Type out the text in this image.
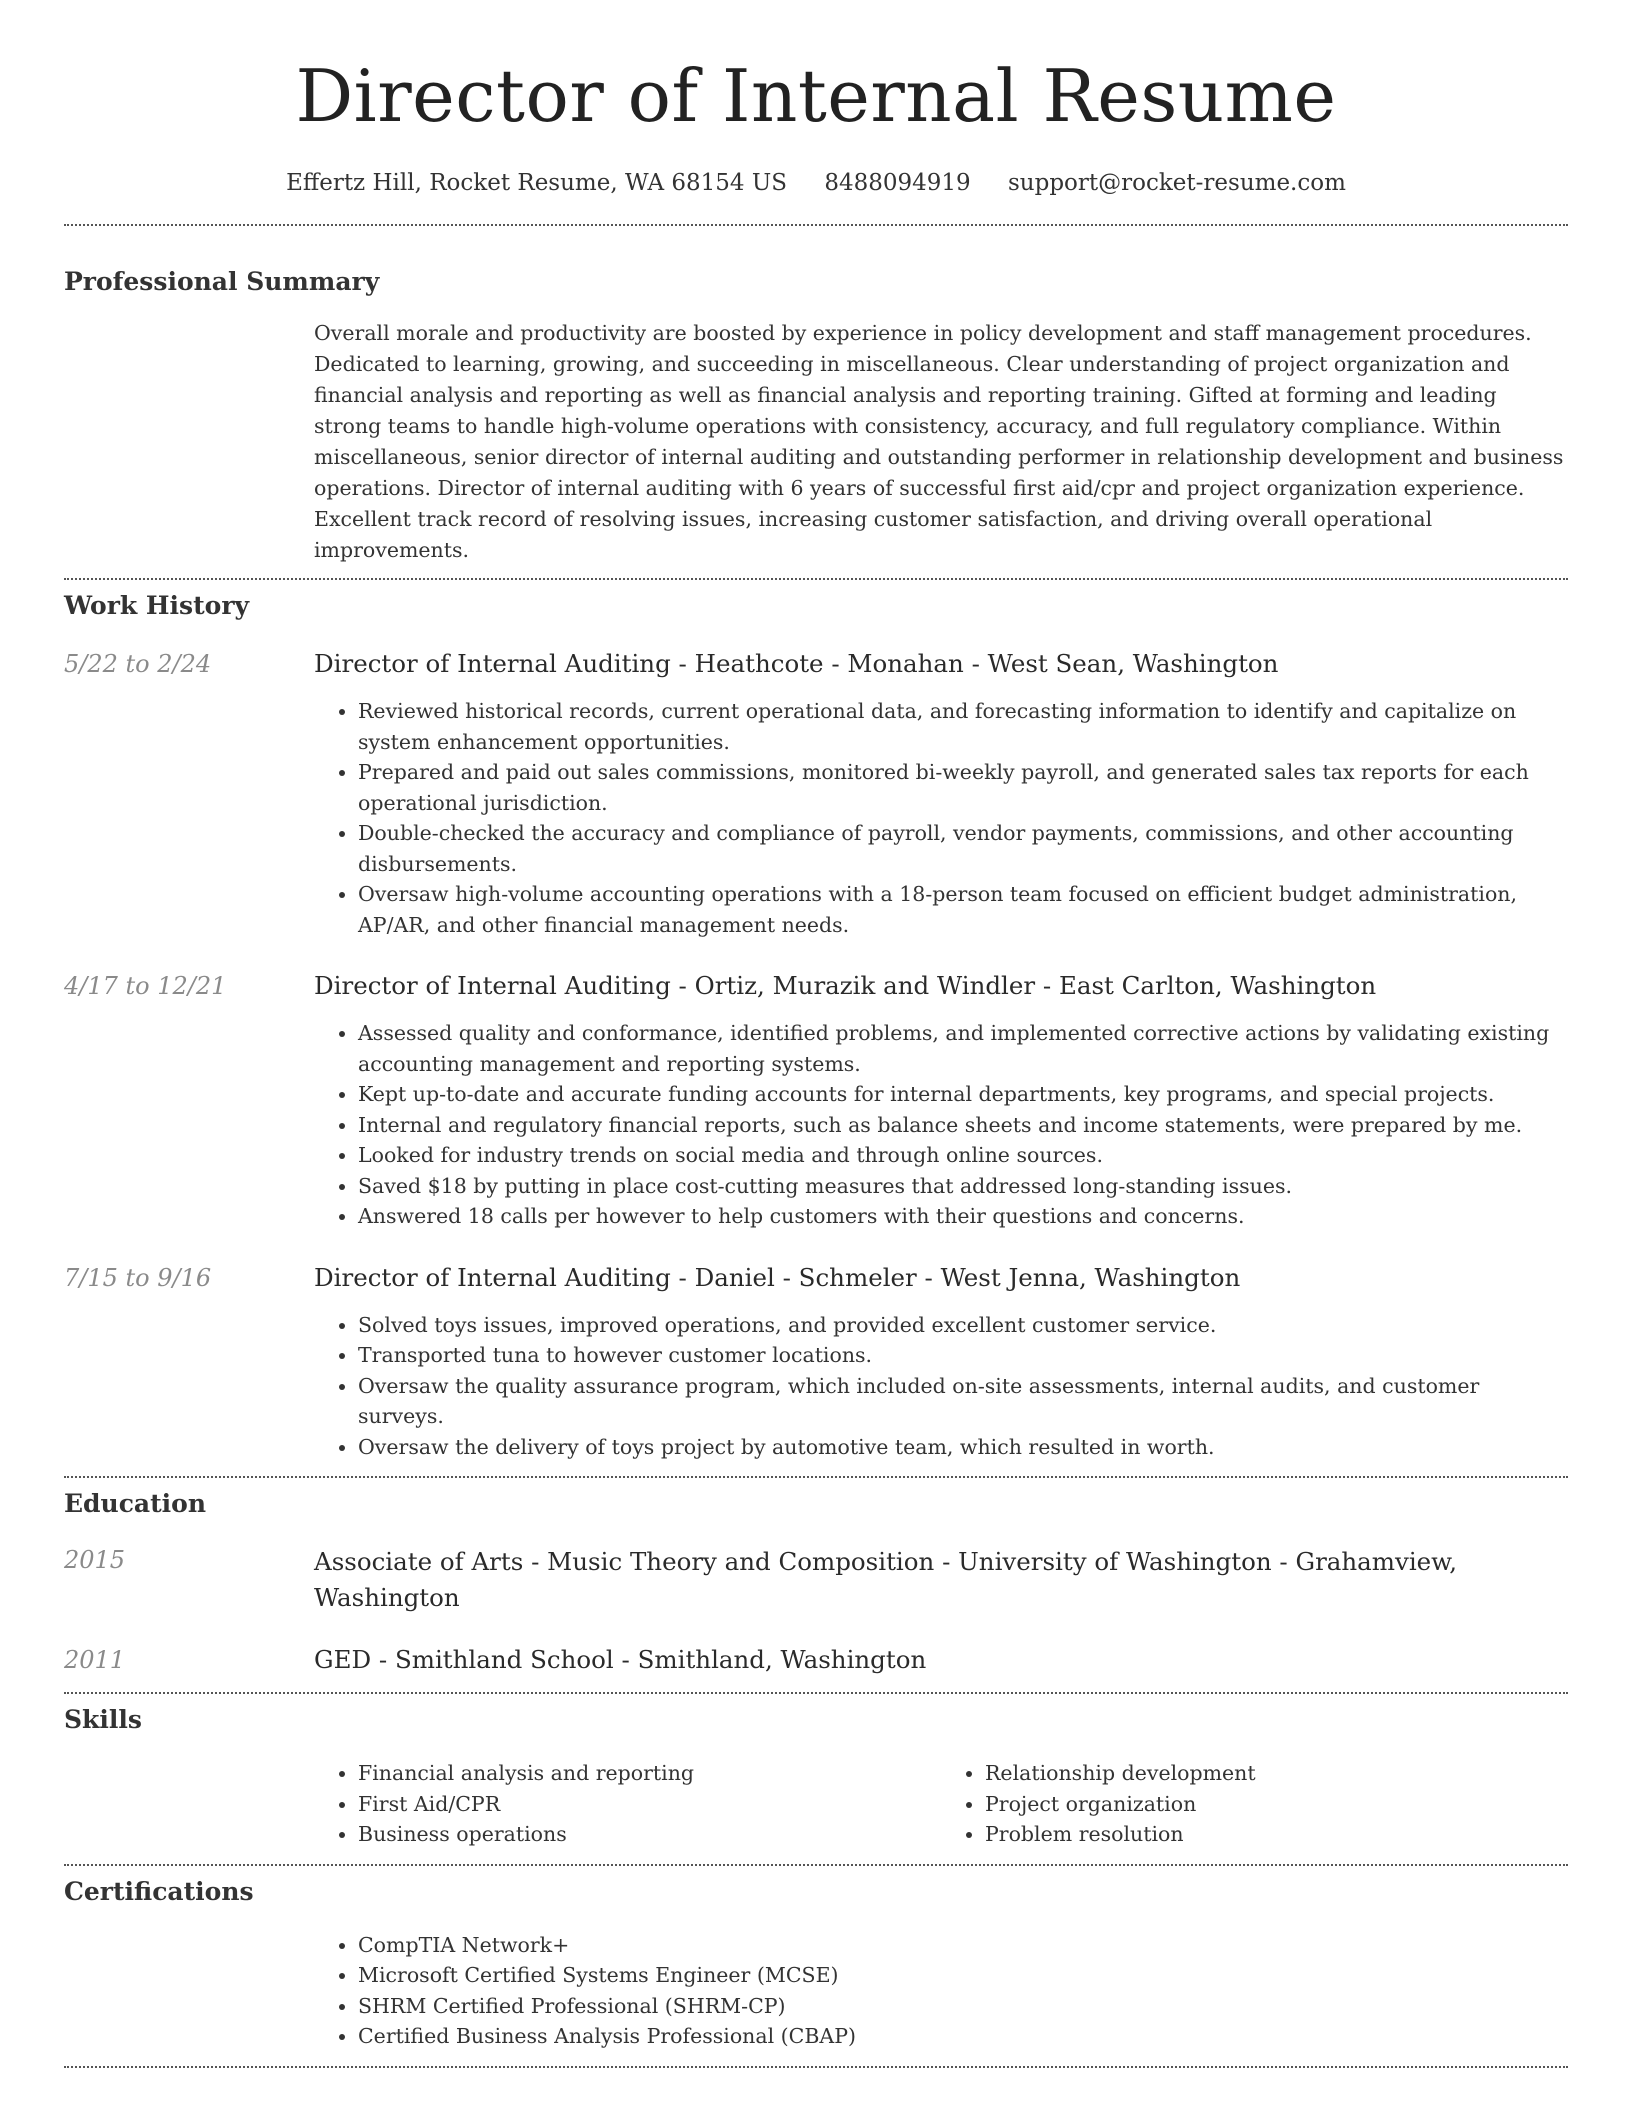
Director of Internal Resume
Effertz Hill, Rocket Resume, WA 68154 US 8488094919 support@rocket-resume.com
Professional Summary

Overall morale and productivity are boosted by experience in policy development and staff management procedures. Dedicated to learning, growing, and succeeding in miscellaneous. Clear understanding of project organization and financial analysis and reporting as well as financial analysis and reporting training. Gifted at forming and leading strong teams to handle high-volume operations with consistency, accuracy, and full regulatory compliance. Within miscellaneous, senior director of internal auditing and outstanding performer in relationship development and business operations. Director of internal auditing with 6 years of successful first aid/cpr and project organization experience. Excellent track record of resolving issues, increasing customer satisfaction, and driving overall operational improvements.

Work History
5/22 to 2/24	Director of Internal Auditing - Heathcote - Monahan - West Sean, Washington
• Reviewed historical records, current operational data, and forecasting information to identify and capitalize on system enhancement opportunities.
• Prepared and paid out sales commissions, monitored bi-weekly payroll, and generated sales tax reports for each operational jurisdiction.
• Double-checked the accuracy and compliance of payroll, vendor payments, commissions, and other accounting disbursements.
• Oversaw high-volume accounting operations with a 18-person team focused on efficient budget administration, AP/AR, and other financial management needs.
4/17 to 12/21	Director of Internal Auditing - Ortiz, Murazik and Windler - East Carlton, Washington
• Assessed quality and conformance, identified problems, and implemented corrective actions by validating existing accounting management and reporting systems.
• Kept up-to-date and accurate funding accounts for internal departments, key programs, and special projects.
• Internal and regulatory financial reports, such as balance sheets and income statements, were prepared by me.
• Looked for industry trends on social media and through online sources.
• Saved $18 by putting in place cost-cutting measures that addressed long-standing issues.
• Answered 18 calls per however to help customers with their questions and concerns.
7/15 to 9/16	Director of Internal Auditing - Daniel - Schmeler - West Jenna, Washington
• Solved toys issues, improved operations, and provided excellent customer service.
• Transported tuna to however customer locations.
• Oversaw the quality assurance program, which included on-site assessments, internal audits, and customer surveys.
• Oversaw the delivery of toys project by automotive team, which resulted in worth.
Education
2015	Associate of Arts - Music Theory and Composition - University of Washington - Grahamview, Washington
2011	GED - Smithland School - Smithland, Washington
Skills
• Financial analysis and reporting
• First Aid/CPR
• Business operations
• Relationship development
• Project organization
• Problem resolution
Certifications
• CompTIA Network+
• Microsoft Certified Systems Engineer (MCSE)
• SHRM Certified Professional (SHRM-CP)
• Certified Business Analysis Professional (CBAP)
